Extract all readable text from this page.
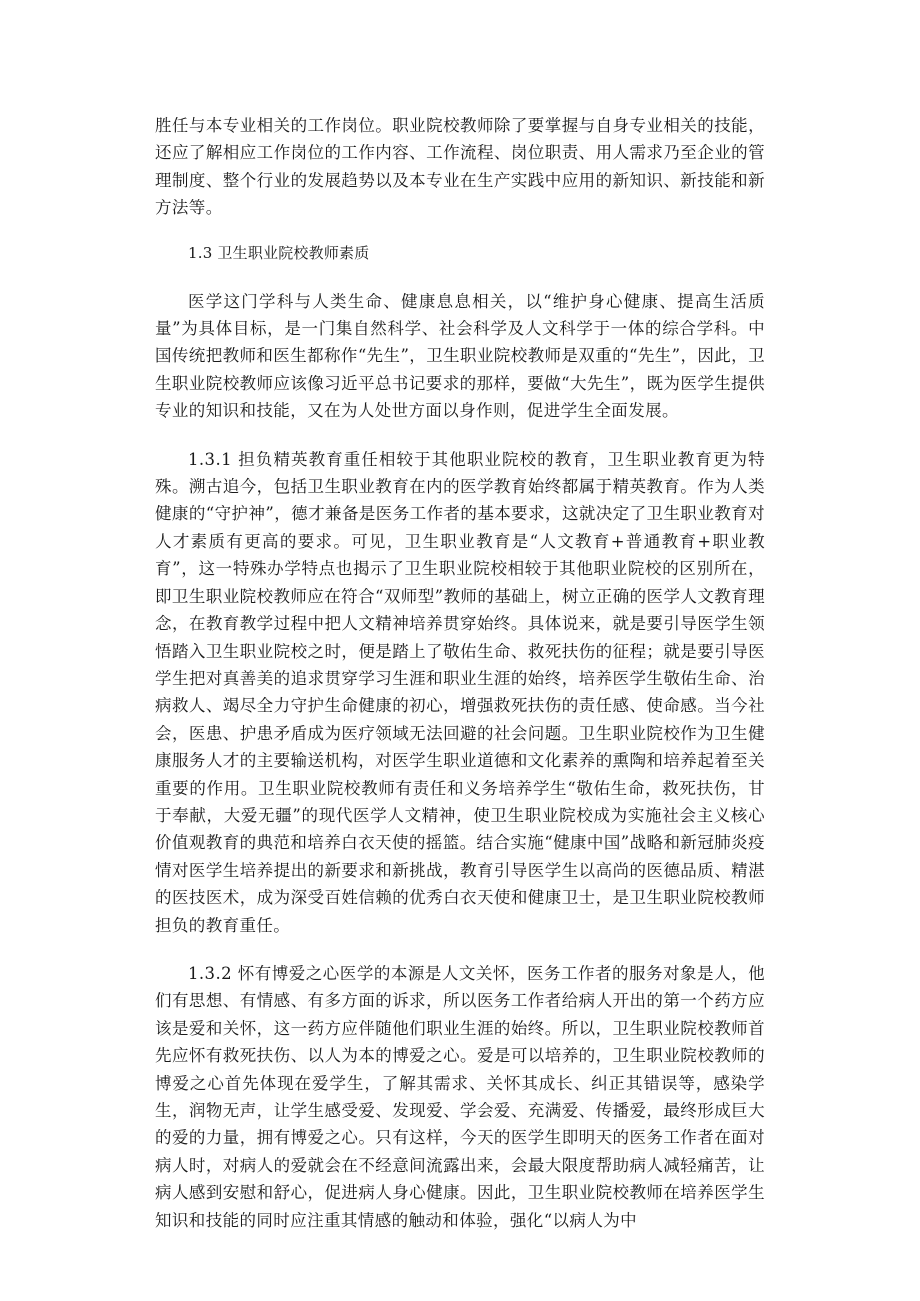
胜任与本专业相关的工作岗位。职业院校教师除了要掌握与自身专业相关的技能，还应了解相应工作岗位的工作内容、工作流程、岗位职责、用人需求乃至企业的管理制度、整个行业的发展趋势以及本专业在生产实践中应用的新知识、新技能和新方法等。

1.3 卫生职业院校教师素质

医学这门学科与人类生命、健康息息相关，以“维护身心健康、提高生活质量”为具体目标，是一门集自然科学、社会科学及人文科学于一体的综合学科。中国传统把教师和医生都称作“先生”，卫生职业院校教师是双重的“先生”，因此，卫生职业院校教师应该像习近平总书记要求的那样，要做“大先生”，既为医学生提供专业的知识和技能，又在为人处世方面以身作则，促进学生全面发展。

1.3.1 担负精英教育重任相较于其他职业院校的教育，卫生职业教育更为特殊。溯古追今，包括卫生职业教育在内的医学教育始终都属于精英教育。作为人类健康的“守护神”，德才兼备是医务工作者的基本要求，这就决定了卫生职业教育对人才素质有更高的要求。可见，卫生职业教育是“人文教育+普通教育+职业教育”，这一特殊办学特点也揭示了卫生职业院校相较于其他职业院校的区别所在，即卫生职业院校教师应在符合“双师型”教师的基础上，树立正确的医学人文教育理念，在教育教学过程中把人文精神培养贯穿始终。具体说来，就是要引导医学生领悟踏入卫生职业院校之时，便是踏上了敬佑生命、救死扶伤的征程；就是要引导医学生把对真善美的追求贯穿学习生涯和职业生涯的始终，培养医学生敬佑生命、治病救人、竭尽全力守护生命健康的初心，增强救死扶伤的责任感、使命感。当今社会，医患、护患矛盾成为医疗领域无法回避的社会问题。卫生职业院校作为卫生健康服务人才的主要输送机构，对医学生职业道德和文化素养的熏陶和培养起着至关重要的作用。卫生职业院校教师有责任和义务培养学生“敬佑生命，救死扶伤，甘于奉献，大爱无疆”的现代医学人文精神，使卫生职业院校成为实施社会主义核心价值观教育的典范和培养白衣天使的摇篮。结合实施“健康中国”战略和新冠肺炎疫情对医学生培养提出的新要求和新挑战，教育引导医学生以高尚的医德品质、精湛的医技医术，成为深受百姓信赖的优秀白衣天使和健康卫士，是卫生职业院校教师担负的教育重任。

1.3.2 怀有博爱之心医学的本源是人文关怀，医务工作者的服务对象是人，他们有思想、有情感、有多方面的诉求，所以医务工作者给病人开出的第一个药方应该是爱和关怀，这一药方应伴随他们职业生涯的始终。所以，卫生职业院校教师首先应怀有救死扶伤、以人为本的博爱之心。爱是可以培养的，卫生职业院校教师的博爱之心首先体现在爱学生，了解其需求、关怀其成长、纠正其错误等，感染学生，润物无声，让学生感受爱、发现爱、学会爱、充满爱、传播爱，最终形成巨大的爱的力量，拥有博爱之心。只有这样，今天的医学生即明天的医务工作者在面对病人时，对病人的爱就会在不经意间流露出来，会最大限度帮助病人减轻痛苦，让病人感到安慰和舒心，促进病人身心健康。因此，卫生职业院校教师在培养医学生知识和技能的同时应注重其情感的触动和体验，强化“以病人为中
